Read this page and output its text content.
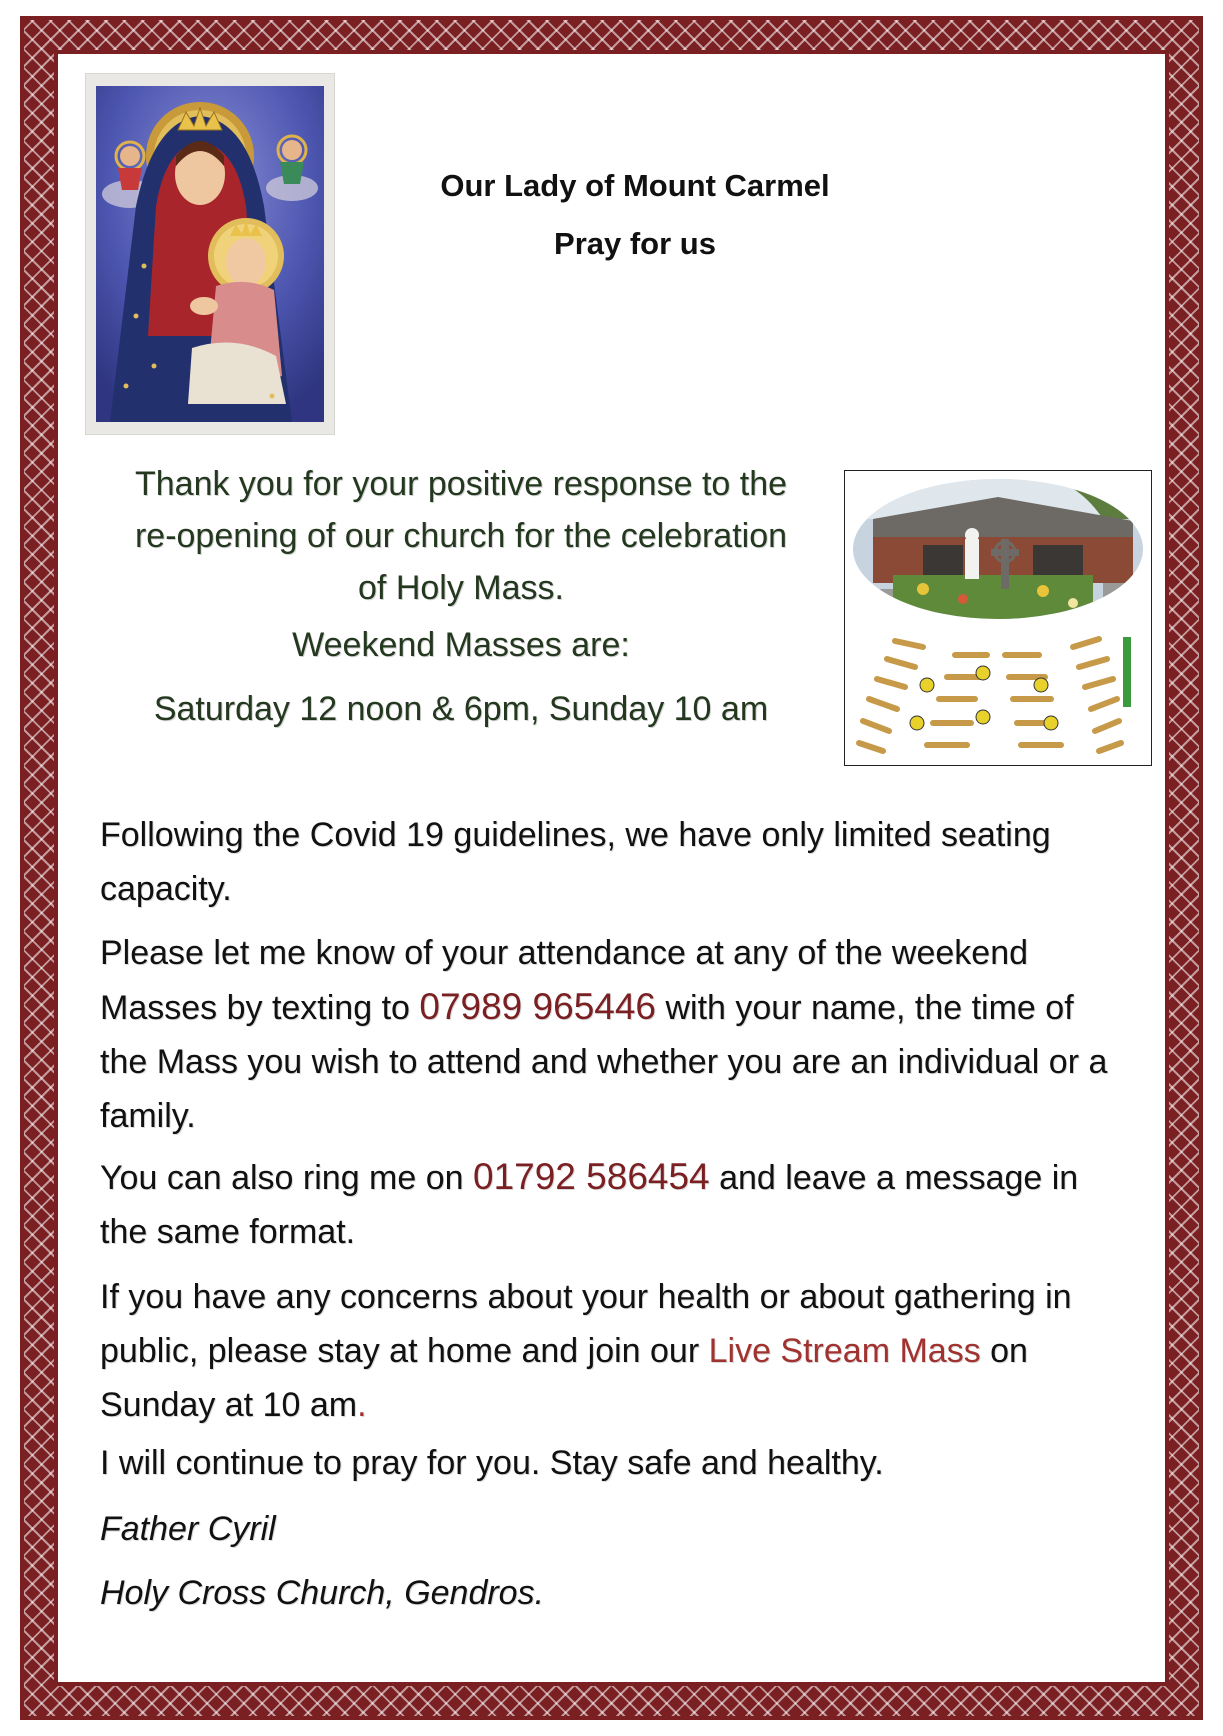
Our Lady of Mount Carmel
Pray for us
Thank you for your positive response to the
re-opening of our church for the celebration
of Holy Mass.
Weekend Masses are:
Saturday 12 noon & 6pm, Sunday 10 am
Following the Covid 19 guidelines, we have only limited seating capacity.
Please let me know of your attendance at any of the weekend Masses by texting to 07989 965446 with your name, the time of the Mass you wish to attend and whether you are an individual or a family.
You can also ring me on 01792 586454 and leave a message in the same format.
If you have any concerns about your health or about gathering in public, please stay at home and join our Live Stream Mass on Sunday at 10 am.
I will continue to pray for you. Stay safe and healthy.
Father Cyril
Holy Cross Church, Gendros.
